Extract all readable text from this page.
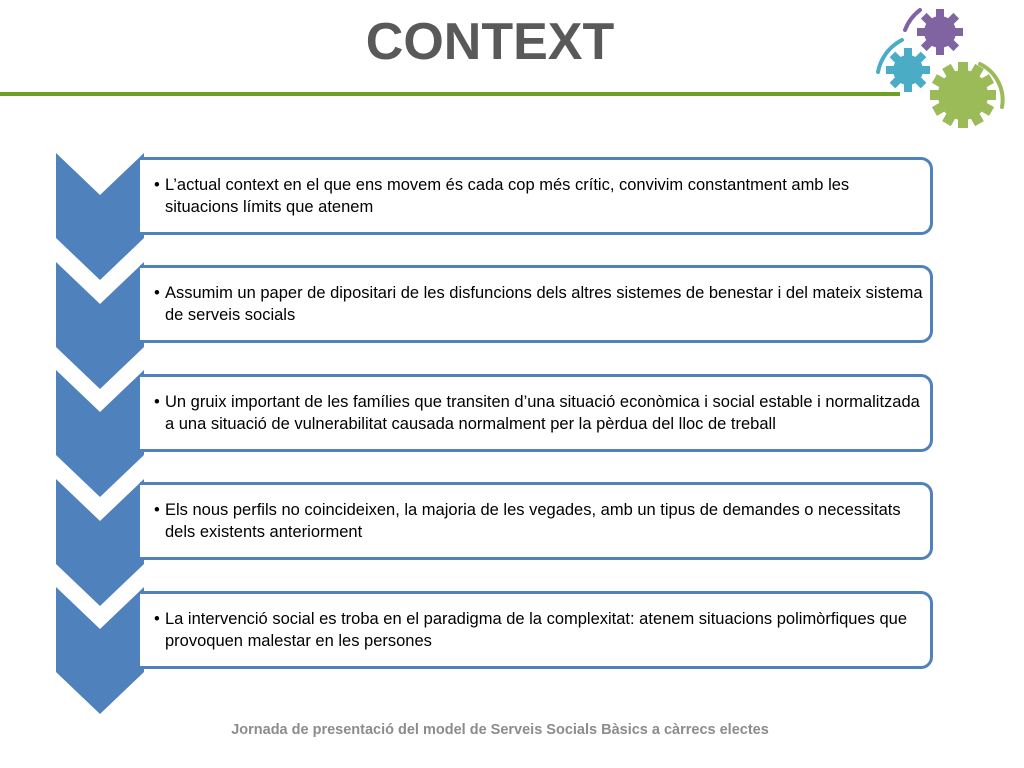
CONTEXT
• L’actual context en el que ens movem és cada cop més crític, convivim constantment amb les situacions límits que atenem
• Assumim un paper de dipositari de les disfuncions dels altres sistemes de benestar i del mateix sistema de serveis socials
• Un gruix important de les famílies que transiten d’una situació econòmica i social estable i normalitzada a una situació de vulnerabilitat causada normalment per la pèrdua del lloc de treball
• Els nous perfils no coincideixen, la majoria de les vegades, amb un tipus de demandes o necessitats dels existents anteriorment
• La intervenció social es troba en el paradigma de la complexitat: atenem situacions polimòrfiques que provoquen malestar en les persones
Jornada de presentació del model de Serveis Socials Bàsics a càrrecs electes
